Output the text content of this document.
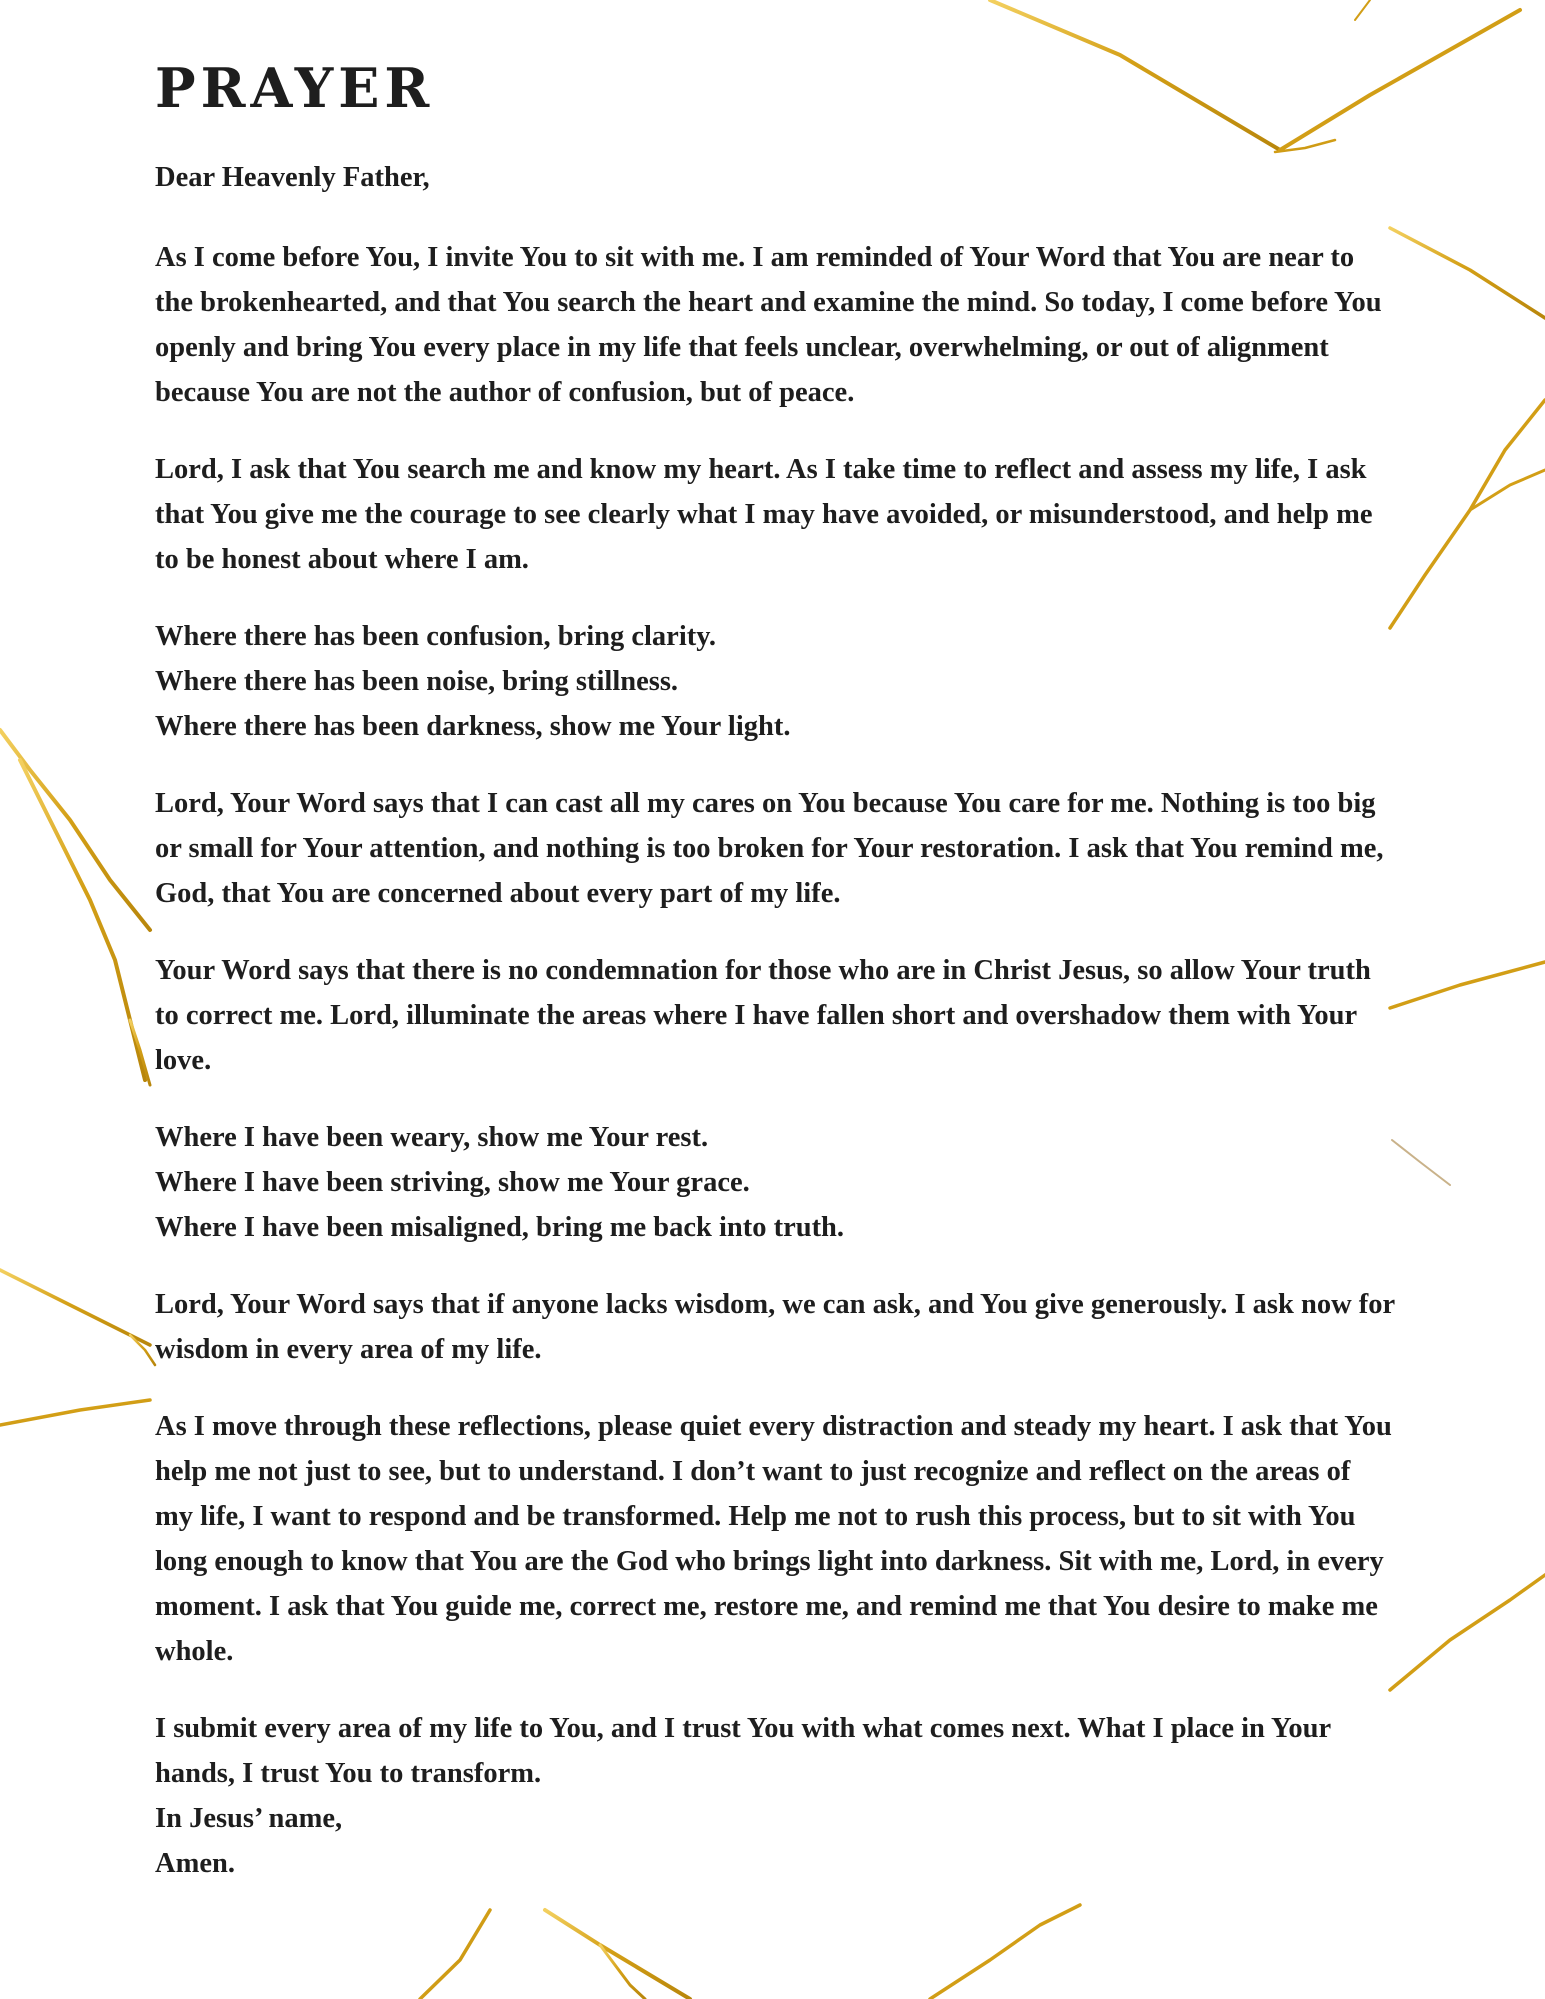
PRAYER

Dear Heavenly Father,

As I come before You, I invite You to sit with me. I am reminded of Your Word that You are near to the brokenhearted, and that You search the heart and examine the mind. So today, I come before You openly and bring You every place in my life that feels unclear, overwhelming, or out of alignment because You are not the author of confusion, but of peace.

Lord, I ask that You search me and know my heart. As I take time to reflect and assess my life, I ask that You give me the courage to see clearly what I may have avoided, or misunderstood, and help me to be honest about where I am.

Where there has been confusion, bring clarity.
Where there has been noise, bring stillness.
Where there has been darkness, show me Your light.

Lord, Your Word says that I can cast all my cares on You because You care for me. Nothing is too big or small for Your attention, and nothing is too broken for Your restoration. I ask that You remind me, God, that You are concerned about every part of my life.

Your Word says that there is no condemnation for those who are in Christ Jesus, so allow Your truth to correct me. Lord, illuminate the areas where I have fallen short and overshadow them with Your love.

Where I have been weary, show me Your rest.
Where I have been striving, show me Your grace.
Where I have been misaligned, bring me back into truth.

Lord, Your Word says that if anyone lacks wisdom, we can ask, and You give generously. I ask now for wisdom in every area of my life.

As I move through these reflections, please quiet every distraction and steady my heart. I ask that You help me not just to see, but to understand. I don’t want to just recognize and reflect on the areas of my life, I want to respond and be transformed. Help me not to rush this process, but to sit with You long enough to know that You are the God who brings light into darkness. Sit with me, Lord, in every moment. I ask that You guide me, correct me, restore me, and remind me that You desire to make me whole.

I submit every area of my life to You, and I trust You with what comes next. What I place in Your hands, I trust You to transform.
In Jesus’ name,
Amen.
